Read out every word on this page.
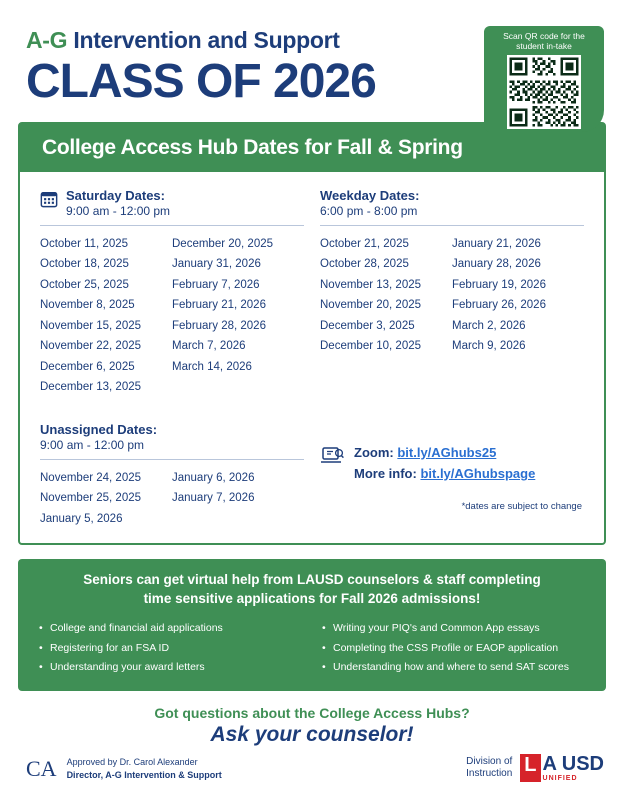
A-G Intervention and Support
CLASS OF 2026
Scan QR code for the student in-take
College Access Hub Dates for Fall & Spring
Saturday Dates:
9:00 am - 12:00 pm
October 11, 2025
October 18, 2025
October 25, 2025
November 8, 2025
November 15, 2025
November 22, 2025
December 6, 2025
December 13, 2025
December 20, 2025
January 31, 2026
February 7, 2026
February 21, 2026
February 28, 2026
March 7, 2026
March 14, 2026
Weekday Dates:
6:00 pm - 8:00 pm
October 21, 2025
October 28, 2025
November 13, 2025
November 20, 2025
December 3, 2025
December 10, 2025
January 21, 2026
January 28, 2026
February 19, 2026
February 26, 2026
March 2, 2026
March 9, 2026
Unassigned Dates:
9:00 am - 12:00 pm
November 24, 2025
November 25, 2025
January 5, 2026
January 6, 2026
January 7, 2026
Zoom: bit.ly/AGhubs25
More info: bit.ly/AGhubspage
*dates are subject to change
Seniors can get virtual help from LAUSD counselors & staff completing
time sensitive applications for Fall 2026 admissions!
• College and financial aid applications
• Registering for an FSA ID
• Understanding your award letters
• Writing your PIQ's and Common App essays
• Completing the CSS Profile or EAOP application
• Understanding how and where to send SAT scores
Got questions about the College Access Hubs?
Ask your counselor!
CA Approved by Dr. Carol Alexander
Director, A-G Intervention & Support
Division of
Instruction L A USD
UNIFIED
